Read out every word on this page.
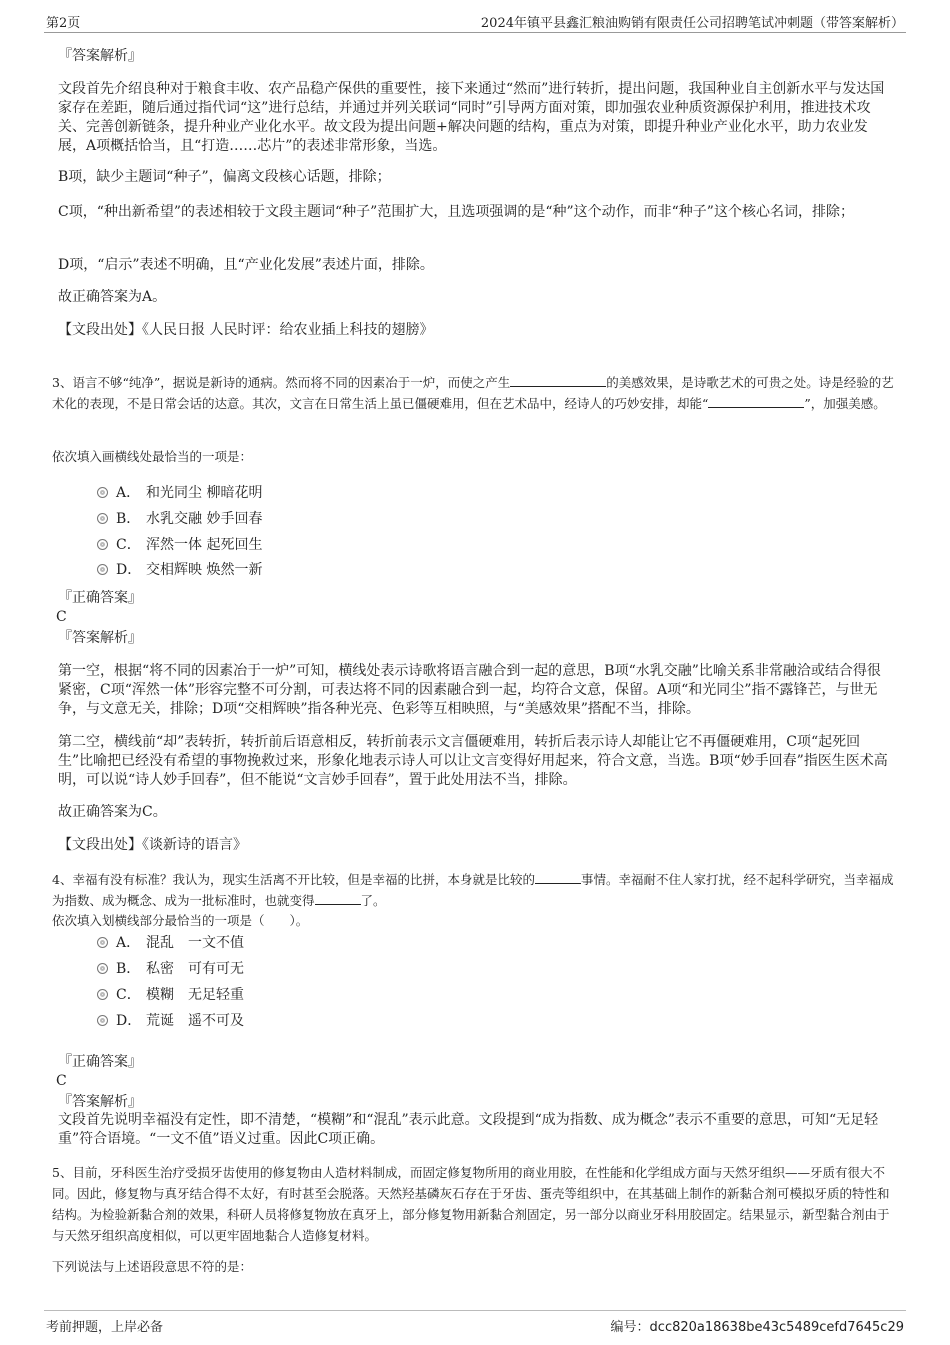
第2页	2024年镇平县鑫汇粮油购销有限责任公司招聘笔试冲刺题（带答案解析）

『答案解析』

文段首先介绍良种对于粮食丰收、农产品稳产保供的重要性，接下来通过“然而”进行转折，提出问题，我国种业自主创新水平与发达国家存在差距，随后通过指代词“这”进行总结，并通过并列关联词“同时”引导两方面对策，即加强农业种质资源保护利用，推进技术攻关、完善创新链条，提升种业产业化水平。故文段为提出问题+解决问题的结构，重点为对策，即提升种业产业化水平，助力农业发展，A项概括恰当，且“打造……芯片”的表述非常形象，当选。

B项，缺少主题词“种子”，偏离文段核心话题，排除；

C项，“种出新希望”的表述相较于文段主题词“种子”范围扩大，且选项强调的是“种”这个动作，而非“种子”这个核心名词，排除；

D项，“启示”表述不明确，且“产业化发展”表述片面，排除。

故正确答案为A。

【文段出处】《人民日报 人民时评：给农业插上科技的翅膀》

3、语言不够“纯净”，据说是新诗的通病。然而将不同的因素冶于一炉，而使之产生	的美感效果，是诗歌艺术的可贵之处。诗是经验的艺术化的表现，不是日常会话的达意。其次，文言在日常生活上虽已僵硬难用，但在艺术品中，经诗人的巧妙安排，却能“	”，加强美感。

依次填入画横线处最恰当的一项是：

A． 和光同尘 柳暗花明
B． 水乳交融 妙手回春
C． 浑然一体 起死回生
D． 交相辉映 焕然一新

『正确答案』

C

『答案解析』

第一空，根据“将不同的因素冶于一炉”可知，横线处表示诗歌将语言融合到一起的意思，B项“水乳交融”比喻关系非常融洽或结合得很紧密，C项“浑然一体”形容完整不可分割，可表达将不同的因素融合到一起，均符合文意，保留。A项“和光同尘”指不露锋芒，与世无争，与文意无关，排除；D项“交相辉映”指各种光亮、色彩等互相映照，与“美感效果”搭配不当，排除。

第二空，横线前“却”表转折，转折前后语意相反，转折前表示文言僵硬难用，转折后表示诗人却能让它不再僵硬难用，C项“起死回生”比喻把已经没有希望的事物挽救过来，形象化地表示诗人可以让文言变得好用起来，符合文意，当选。B项“妙手回春”指医生医术高明，可以说“诗人妙手回春”，但不能说“文言妙手回春”，置于此处用法不当，排除。

故正确答案为C。

【文段出处】《谈新诗的语言》

4、幸福有没有标准？我认为，现实生活离不开比较，但是幸福的比拼，本身就是比较的	事情。幸福耐不住人家打扰，经不起科学研究，当幸福成为指数、成为概念、成为一批标准时，也就变得	了。

依次填入划横线部分最恰当的一项是（　　）。

A． 混乱　一文不值
B． 私密　可有可无
C． 模糊　无足轻重
D． 荒诞　遥不可及

『正确答案』

C

『答案解析』

文段首先说明幸福没有定性，即不清楚，“模糊”和“混乱”表示此意。文段提到“成为指数、成为概念”表示不重要的意思，可知“无足轻重”符合语境。“一文不值”语义过重。因此C项正确。

5、目前，牙科医生治疗受损牙齿使用的修复物由人造材料制成，而固定修复物所用的商业用胶，在性能和化学组成方面与天然牙组织——牙质有很大不同。因此，修复物与真牙结合得不太好，有时甚至会脱落。天然羟基磷灰石存在于牙齿、蛋壳等组织中，在其基础上制作的新黏合剂可模拟牙质的特性和结构。为检验新黏合剂的效果，科研人员将修复物放在真牙上，部分修复物用新黏合剂固定，另一部分以商业牙科用胶固定。结果显示，新型黏合剂由于与天然牙组织高度相似，可以更牢固地黏合人造修复材料。

下列说法与上述语段意思不符的是：

考前押题，上岸必备	编号：dcc820a18638be43c5489cefd7645c29
